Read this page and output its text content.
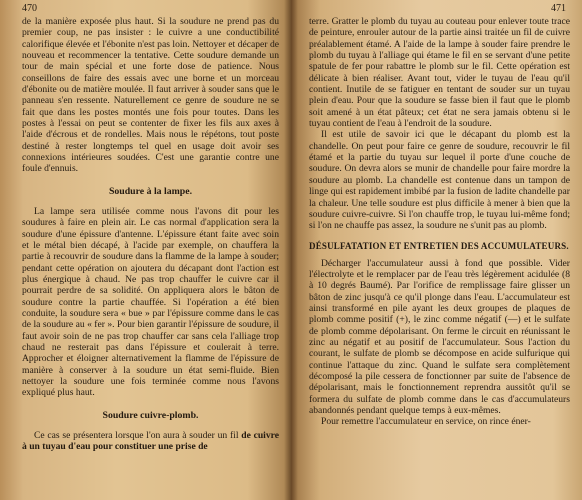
470

de la manière exposée plus haut. Si la soudure ne prend pas du premier coup, ne pas insister : le cuivre a une conductibilité calorifique élevée et l'ébonite n'est pas loin. Nettoyer et décaper de nouveau et recommencer la tentative. Cette soudure demande un tour de main spécial et une forte dose de patience. Nous conseillons de faire des essais avec une borne et un morceau d'ébonite ou de matière moulée. Il faut arriver à souder sans que le panneau s'en ressente. Naturellement ce genre de soudure ne se fait que dans les postes montés une fois pour toutes. Dans les postes à l'essai on peut se contenter de fixer les fils aux axes à l'aide d'écrous et de rondelles. Mais nous le répétons, tout poste destiné à rester longtemps tel quel en usage doit avoir ses connexions intérieures soudées. C'est une garantie contre une foule d'ennuis.

Soudure à la lampe.

La lampe sera utilisée comme nous l'avons dit pour les soudures à faire en plein air. Le cas normal d'application sera la soudure d'une épissure d'antenne. L'épissure étant faite avec soin et le métal bien décapé, à l'acide par exemple, on chauffera la partie à recouvrir de soudure dans la flamme de la lampe à souder; pendant cette opération on ajoutera du décapant dont l'action est plus énergique à chaud. Ne pas trop chauffer le cuivre car il pourrait perdre de sa solidité. On appliquera alors le bâton de soudure contre la partie chauffée. Si l'opération a été bien conduite, la soudure sera « bue » par l'épissure comme dans le cas de la soudure au « fer ». Pour bien garantir l'épissure de soudure, il faut avoir soin de ne pas trop chauffer car sans cela l'alliage trop chaud ne resterait pas dans l'épissure et coulerait à terre. Approcher et éloigner alternativement la flamme de l'épissure de manière à conserver à la soudure un état semi-fluide. Bien nettoyer la soudure une fois terminée comme nous l'avons expliqué plus haut.

Soudure cuivre-plomb.

Ce cas se présentera lorsque l'on aura à souder un fil de cuivre à un tuyau d'eau pour constituer une prise de

471

terre. Gratter le plomb du tuyau au couteau pour enlever toute trace de peinture, enrouler autour de la partie ainsi traitée un fil de cuivre préalablement étamé. A l'aide de la lampe à souder faire prendre le plomb du tuyau à l'alliage qui étame le fil en se servant d'une petite spatule de fer pour rabattre le plomb sur le fil. Cette opération est délicate à bien réaliser. Avant tout, vider le tuyau de l'eau qu'il contient. Inutile de se fatiguer en tentant de souder sur un tuyau plein d'eau. Pour que la soudure se fasse bien il faut que le plomb soit amené à un état pâteux; cet état ne sera jamais obtenu si le tuyau contient de l'eau à l'endroit de la soudure.

Il est utile de savoir ici que le décapant du plomb est la chandelle. On peut pour faire ce genre de soudure, recouvrir le fil étamé et la partie du tuyau sur lequel il porte d'une couche de soudure. On devra alors se munir de chandelle pour faire mordre la soudure au plomb. La chandelle est contenue dans un tampon de linge qui est rapidement imbibé par la fusion de ladite chandelle par la chaleur. Une telle soudure est plus difficile à mener à bien que la soudure cuivre-cuivre. Si l'on chauffe trop, le tuyau lui-même fond; si l'on ne chauffe pas assez, la soudure ne s'unit pas au plomb.

DÉSULFATATION ET ENTRETIEN DES ACCUMULATEURS.

Décharger l'accumulateur aussi à fond que possible. Vider l'électrolyte et le remplacer par de l'eau très légèrement acidulée (8 à 10 degrés Baumé). Par l'orifice de remplissage faire glisser un bâton de zinc jusqu'à ce qu'il plonge dans l'eau. L'accumulateur est ainsi transformé en pile ayant les deux groupes de plaques de plomb comme positif (+), le zinc comme négatif (—) et le sulfate de plomb comme dépolarisant. On ferme le circuit en réunissant le zinc au négatif et au positif de l'accumulateur. Sous l'action du courant, le sulfate de plomb se décompose en acide sulfurique qui continue l'attaque du zinc. Quand le sulfate sera complètement décomposé la pile cessera de fonctionner par suite de l'absence de dépolarisant, mais le fonctionnement reprendra aussitôt qu'il se formera du sulfate de plomb comme dans le cas d'accumulateurs abandonnés pendant quelque temps à eux-mêmes.

Pour remettre l'accumulateur en service, on rince éner-
